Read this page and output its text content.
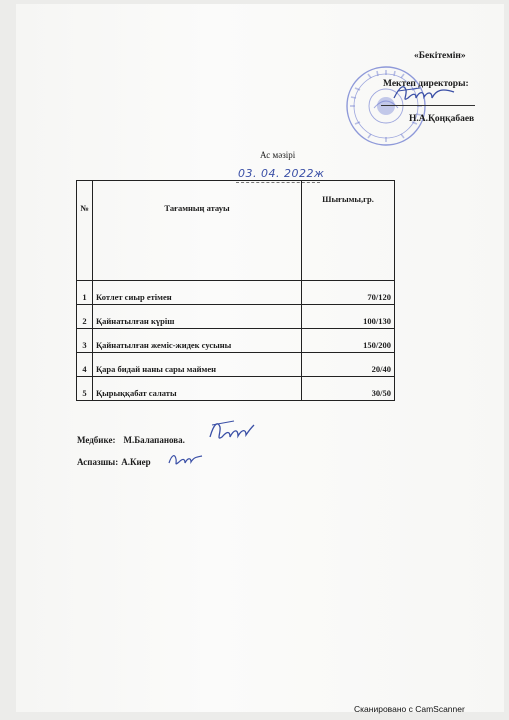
«Бекітемін»
Мектеп директоры:
Н.А.Қоңқабаев
Ас мәзірі
03. 04. 2022ж
№	Тағамның атауы	Шығымы,гр.
1	Котлет сиыр етімен	70/120
2	Қайнатылған күріш	100/130
3	Қайнатылған жеміс-жидек сусыны	150/200
4	Қара бидай наны сары маймен	20/40
5	Қырыққабат салаты	30/50
Медбике: М.Балапанова.
Аспазшы: А.Киер
Сканировано с CamScanner
